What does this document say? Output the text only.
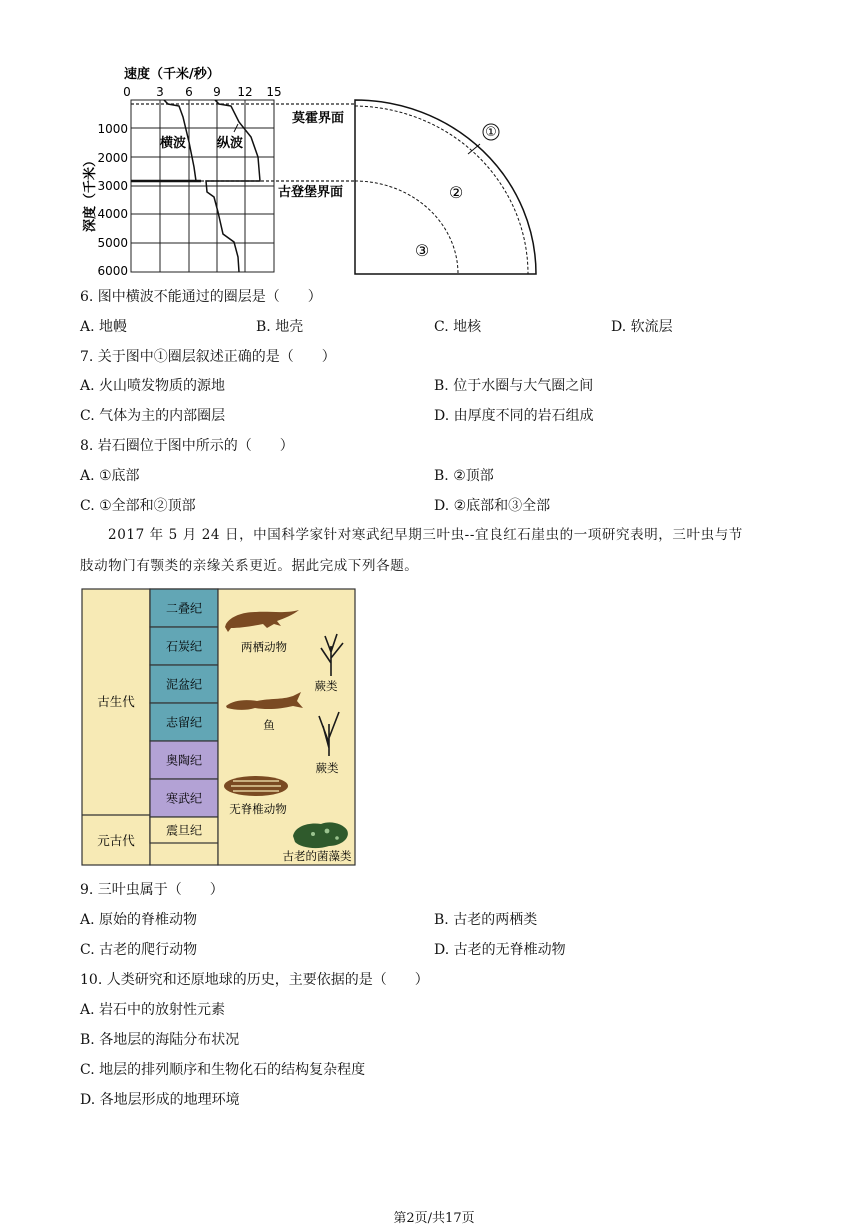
速度（千米/秒）
0 3 6 9 12 15
1000
2000
3000
4000
5000
6000
深度（千米）
横波 纵波
莫霍界面
古登堡界面
①
②
③
6. 图中横波不能通过的圈层是（　　）
A. 地幔	B. 地壳	C. 地核	D. 软流层
7. 关于图中①圈层叙述正确的是（　　）
A. 火山喷发物质的源地	B. 位于水圈与大气圈之间
C. 气体为主的内部圈层	D. 由厚度不同的岩石组成
8. 岩石圈位于图中所示的（　　）
A. ①底部	B. ②顶部
C. ①全部和②顶部	D. ②底部和③全部
2017 年 5 月 24 日，中国科学家针对寒武纪早期三叶虫--宜良红石崖虫的一项研究表明，三叶虫与节
肢动物门有颚类的亲缘关系更近。据此完成下列各题。
古生代
元古代
二叠纪
石炭纪
泥盆纪
志留纪
奥陶纪
寒武纪
震旦纪
两栖动物
蕨类
鱼
蕨类
无脊椎动物
古老的菌藻类
9. 三叶虫属于（　　）
A. 原始的脊椎动物	B. 古老的两栖类
C. 古老的爬行动物	D. 古老的无脊椎动物
10. 人类研究和还原地球的历史，主要依据的是（　　）
A. 岩石中的放射性元素
B. 各地层的海陆分布状况
C. 地层的排列顺序和生物化石的结构复杂程度
D. 各地层形成的地理环境
第2页/共17页
